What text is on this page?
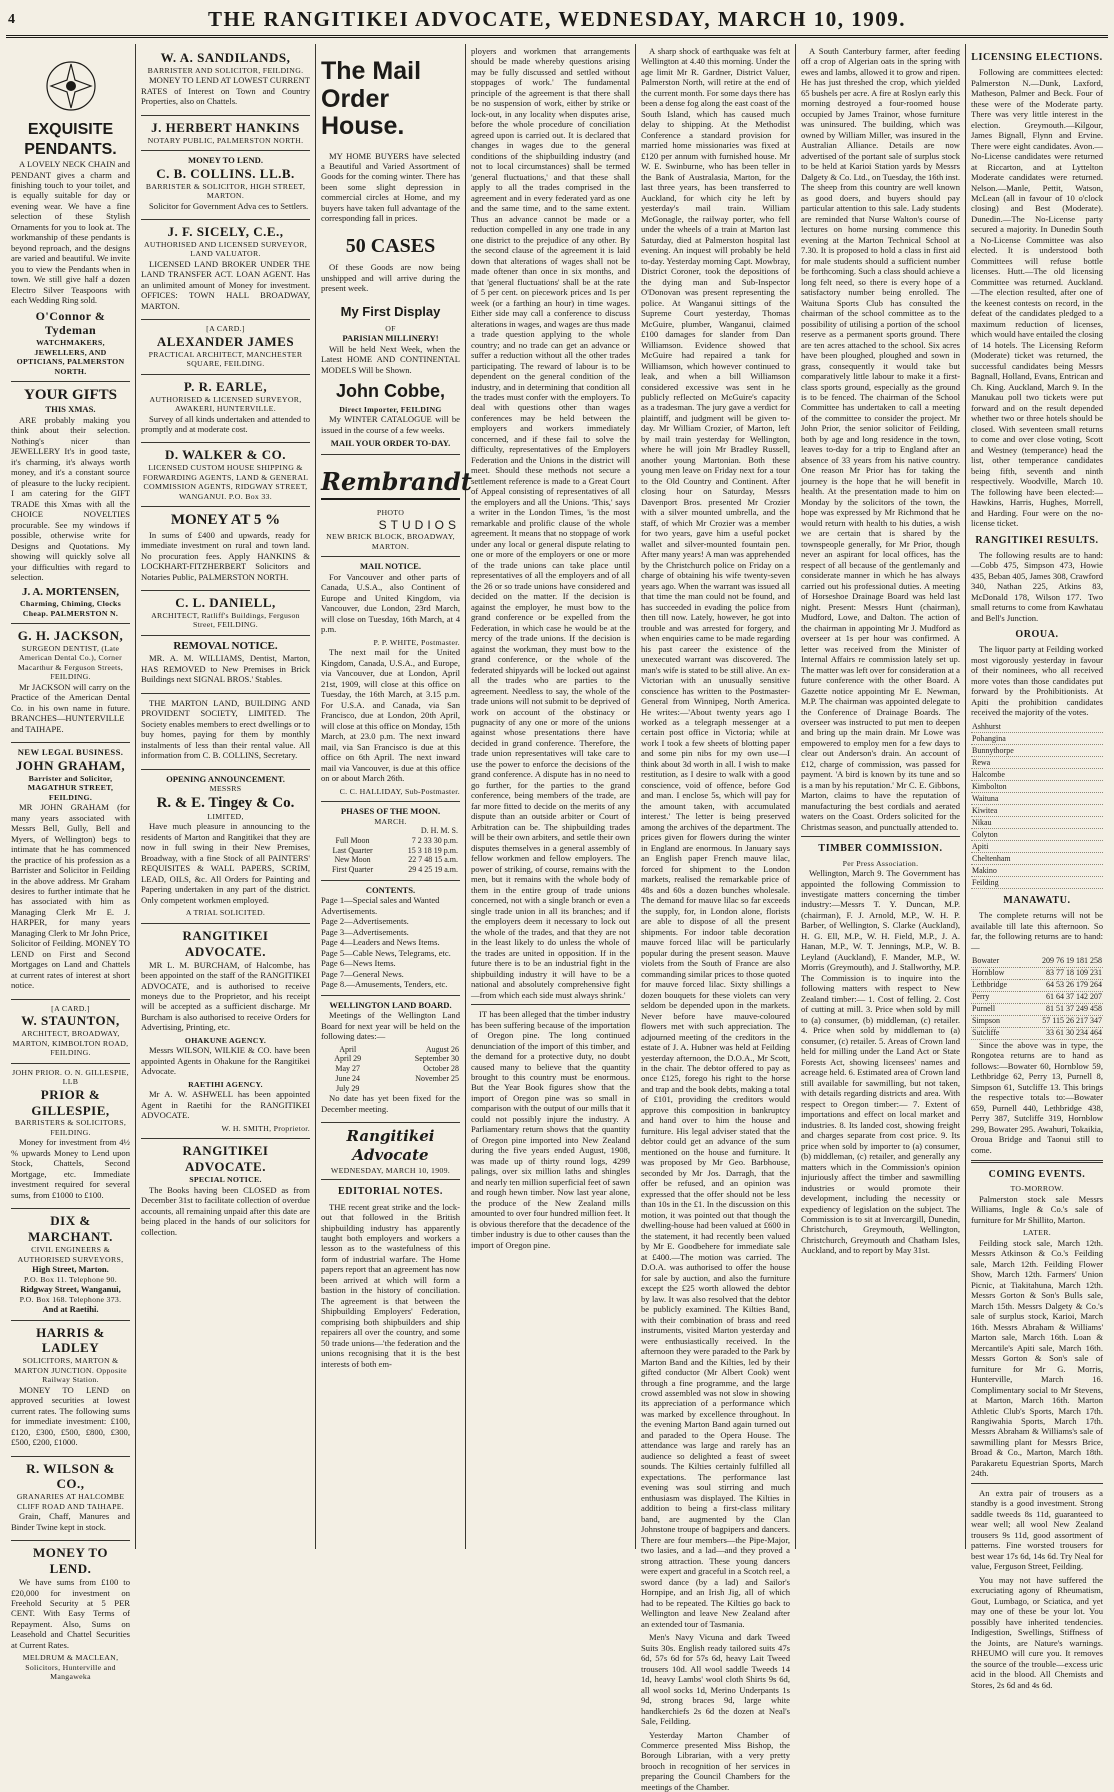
4	THE RANGITIKEI ADVOCATE, WEDNESDAY, MARCH 10, 1909.
EXQUISITE PENDANTS.

A LOVELY NECK CHAIN and PENDANT gives a charm and finishing touch to your toilet, and is equally suitable for day or evening wear. We have a fine selection of these Stylish Ornaments for you to look at. The workmanship of these pendants is beyond reproach, and the designs are varied and beautiful. We invite you to view the Pendants when in town. We still give half a dozen Electro Silver Teaspoons with each Wedding Ring sold.

O'Connor & Tydeman
WATCHMAKERS, JEWELLERS, AND OPTICIANS, PALMERSTON NORTH.
YOUR GIFTS
THIS XMAS.

ARE probably making you think about their selection. Nothing's nicer than JEWELLERY It's in good taste, it's charming, it's always worth money, and it's a constant source of pleasure to the lucky recipient. I am catering for the GIFT TRADE this Xmas with all the CHOICE NOVELTIES procurable. See my windows if possible, otherwise write for Designs and Quotations. My showing will quickly solve all your difficulties with regard to selection.

J. A. MORTENSEN,
Charming, Chiming, Clocks Cheap. PALMERSTON N.
G. H. JACKSON,
SURGEON DENTIST, (Late American Dental Co.), Corner Macarthur & Ferguson Streets, FEILDING.

Mr JACKSON will carry on the Practice of the American Dental Co. in his own name in future. BRANCHES—HUNTERVILLE and TAIHAPE.

NEW LEGAL BUSINESS.
JOHN GRAHAM,
Barrister and Solicitor, MAGATHUR STREET, FEILDING.

MR JOHN GRAHAM (for many years associated with Messrs Bell, Gully, Bell and Myers, of Wellington) begs to intimate that he has commenced the practice of his profession as a Barrister and Solicitor in Feilding in the above address. Mr Graham desires to further intimate that he has associated with him as Managing Clerk Mr E. J. HARPER, for many years Managing Clerk to Mr John Price, Solicitor of Feilding. MONEY TO LEND on First and Second Mortgages on Land and Chattels at current rates of interest at short notice.

[A CARD.]
W. STAUNTON,
ARCHITECT, BROADWAY, MARTON, KIMBOLTON ROAD, FEILDING.
JOHN PRIOR. O. N. GILLESPIE, LLB
PRIOR & GILLESPIE,
BARRISTERS & SOLICITORS, FEILDING.

Money for investment from 4½ % upwards Money to Lend upon Stock, Chattels, Second Mortgage, etc. Immediate investment required for several sums, from £1000 to £100.

DIX & MARCHANT.
CIVIL ENGINEERS & AUTHORISED SURVEYORS,
High Street, Marton.
P.O. Box 11. Telephone 90.
Ridgway Street, Wanganui,
P.O. Box 168. Telephone 373.
And at Raetihi.
HARRIS & LADLEY
SOLICITORS, MARTON & MARTON JUNCTION. Opposite Railway Station.

MONEY TO LEND on approved securities at lowest current rates. The following sums for immediate investment: £100, £120, £300, £500, £800, £300, £500, £200, £1000.

R. WILSON & CO.,
GRANARIES AT HALCOMBE CLIFF ROAD AND TAIHAPE.

Grain, Chaff, Manures and Binder Twine kept in stock.

MONEY TO LEND.

We have sums from £100 to £20,000 for investment on Freehold Security at 5 PER CENT. With Easy Terms of Repayment. Also, Sums on Leasehold and Chattel Securities at Current Rates.

MELDRUM & MACLEAN, Solicitors, Hunterville and Mangaweka
W. A. SANDILANDS,
BARRISTER AND SOLICITOR, FEILDING.

MONEY TO LEND AT LOWEST CURRENT RATES of Interest on Town and Country Properties, also on Chattels.

J. HERBERT HANKINS
NOTARY PUBLIC, PALMERSTON NORTH.
MONEY TO LEND.
C. B. COLLINS. LL.B.
BARRISTER & SOLICITOR, HIGH STREET, MARTON.

Solicitor for Government Adva ces to Settlers.

J. F. SICELY, C.E.,
AUTHORISED AND LICENSED SURVEYOR, LAND VALUATOR.

LICENSED LAND BROKER UNDER THE LAND TRANSFER ACT. LOAN AGENT. Has an unlimited amount of Money for investment. OFFICES: TOWN HALL BROADWAY, MARTON.

[A CARD.]
ALEXANDER JAMES
PRACTICAL ARCHITECT, MANCHESTER SQUARE, FEILDING.
P. R. EARLE,
AUTHORISED & LICENSED SURVEYOR, AWAKERI, HUNTERVILLE.

Survey of all kinds undertaken and attended to promptly and at moderate cost.

D. WALKER & CO.
LICENSED CUSTOM HOUSE SHIPPING & FORWARDING AGENTS, LAND & GENERAL COMMISSION AGENTS, RIDGWAY STREET, WANGANUI. P.O. Box 33.
MONEY AT 5 %

In sums of £400 and upwards, ready for immediate investment on rural and town land. No procuration fees. Apply HANKINS & LOCKHART-FITZHERBERT Solicitors and Notaries Public, PALMERSTON NORTH.

C. L. DANIELL,
ARCHITECT, Ratliff's Buildings, Ferguson Street, FEILDING.
REMOVAL NOTICE.

MR. A. M. WILLIAMS, Dentist, Marton, HAS REMOVED to New Premises in Brick Buildings next SIGNAL BROS.' Stables.

THE MARTON LAND, BUILDING AND PROVIDENT SOCIETY, LIMITED. The Society enables members to erect dwellings or to buy homes, paying for them by monthly instalments of less than their rental value. All information from C. B. COLLINS, Secretary.

OPENING ANNOUNCEMENT.
MESSRS
R. & E. Tingey & Co.
LIMITED,

Have much pleasure in announcing to the residents of Marton and Rangitikei that they are now in full swing in their New Premises, Broadway, with a fine Stock of all PAINTERS' REQUISITES & WALL PAPERS, SCRIM, LEAD, OILS, &c. All Orders for Painting and Papering undertaken in any part of the district. Only competent workmen employed.

A TRIAL SOLICITED.
RANGITIKEI ADVOCATE.

MR L. M. BURCHAM, of Halcombe, has been appointed on the staff of the RANGITIKEI ADVOCATE, and is authorised to receive moneys due to the Proprietor, and his receipt will be accepted as a sufficient discharge. Mr Burcham is also authorised to receive Orders for Advertising, Printing, etc.

OHAKUNE AGENCY.

Messrs WILSON, WILKIE & CO. have been appointed Agents in Ohakune for the Rangitikei Advocate.

RAETIHI AGENCY.

Mr A. W. ASHWELL has been appointed Agent in Raetihi for the RANGITIKEI ADVOCATE.

W. H. SMITH, Proprietor.
RANGITIKEI ADVOCATE.
SPECIAL NOTICE.

The Books having been CLOSED as from December 31st to facilitate collection of overdue accounts, all remaining unpaid after this date are being placed in the hands of our solicitors for collection.

The Mail Order House.

MY HOME BUYERS have selected a Beautiful and Varied Assortment of Goods for the coming winter. There has been some slight depression in commercial circles at Home, and my buyers have taken full advantage of the corresponding fall in prices.

50 CASES

Of these Goods are now being unshipped and will arrive during the present week.

My First Display
OF
PARISIAN MILLINERY!

Will be held Next Week, when the Latest HOME AND CONTINENTAL MODELS Will be Shown.

John Cobbe,
Direct Importer, FEILDING

My WINTER CATALOGUE will be issued in the course of a few weeks.

MAIL YOUR ORDER TO-DAY.
Rembrandt
PHOTO
STUDIOS
NEW BRICK BLOCK, BROADWAY, MARTON.
MAIL NOTICE.

For Vancouver and other parts of Canada, U.S.A., also Continent of Europe and United Kingdom, via Vancouver, due London, 23rd March, will close on Tuesday, 16th March, at 4 p.m.

P. P. WHITE, Postmaster.

The next mail for the United Kingdom, Canada, U.S.A., and Europe, via Vancouver, due at London, April 21st, 1909, will close at this office on Tuesday, the 16th March, at 3.15 p.m. For U.S.A. and Canada, via San Francisco, due at London, 20th April, will close at this office on Monday, 15th March, at 23.0 p.m. The next inward mail, via San Francisco is due at this office on 6th April. The next inward mail via Vancouver, is due at this office on or about March 26th.

C. C. HALLIDAY, Sub-Postmaster.
PHASES OF THE MOON.
MARCH.
	D. H. M. S.
Full Moon	7 2 33 30 p.m.
Last Quarter	15 3 18 19 p.m.
New Moon	22 7 48 15 a.m.
First Quarter	29 4 25 19 a.m.
CONTENTS.
Page 1—Special sales and Wanted Advertisements.
Page 2—Advertisements.
Page 3—Advertisements.
Page 4—Leaders and News Items.
Page 5—Cable News, Telegrams, etc.
Page 6—News Items.
Page 7—General News.
Page 8.—Amusements, Tenders, etc.
WELLINGTON LAND BOARD.

Meetings of the Wellington Land Board for next year will be held on the following dates:—

April	August 26
April 29	September 30
May 27	October 28
June 24	November 25
July 29	

No date has yet been fixed for the December meeting.

Rangitikei Advocate
WEDNESDAY, MARCH 10, 1909.
EDITORIAL NOTES.

THE recent great strike and the lock-out that followed in the British shipbuilding industry has apparently taught both employers and workers a lesson as to the wastefulness of this form of industrial warfare. The Home papers report that an agreement has now been arrived at which will form a bastion in the history of conciliation. The agreement is that between the Shipbuilding Employers' Federation, comprising both shipbuilders and ship repairers all over the country, and some 50 trade unions—'the federation and the unions recognising that it is the best interests of both em-

ployers and workmen that arrangements should be made whereby questions arising may be fully discussed and settled without stoppages of work.' The fundamental principle of the agreement is that there shall be no suspension of work, either by strike or lock-out, in any locality when disputes arise, before the whole procedure of conciliation agreed upon is carried out. It is declared that changes in wages due to the general conditions of the shipbuilding industry (and not to local circumstances) shall be termed 'general fluctuations,' and that these shall apply to all the trades comprised in the agreement and in every federated yard as one and the same time, and to the same extent. Thus an advance cannot be made or a reduction compelled in any one trade in any one district to the prejudice of any other. By the second clause of the agreement it is laid down that alterations of wages shall not be made oftener than once in six months, and that 'general fluctuations' shall be at the rate of 5 per cent. on piecework prices and 1s per week (or a farthing an hour) in time wages. Either side may call a conference to discuss alterations in wages, and wages are thus made a trade question applying to the whole country; and no trade can get an advance or suffer a reduction without all the other trades participating. The reward of labour is to be dependent on the general condition of the industry, and in determining that condition all the trades must confer with the employers. To deal with questions other than wages conferences may be held between the employers and workers immediately concerned, and if these fail to solve the difficulty, representatives of the Employers Federation and the Unions in the district will meet. Should these methods not secure a settlement reference is made to a Great Court of Appeal consisting of representatives of all the employers and all the Unions. 'This,' says a writer in the London Times, 'is the most remarkable and prolific clause of the whole agreement. It means that no stoppage of work under any local or general dispute relating to one or more of the employers or one or more of the trade unions can take place until representatives of all the employers and of all the 26 or so trade unions have considered and decided on the matter. If the decision is against the employer, he must bow to the grand conference or be expelled from the Federation, in which case he would be at the mercy of the trade unions. If the decision is against the workman, they must bow to the grand conference, or the whole of the federated shipyards will be locked out against all the trades who are parties to the agreement. Needless to say, the whole of the trade unions will not submit to be deprived of work on account of the obstinacy or pugnacity of any one or more of the unions against whose presentations there have decided in grand conference. Therefore, the trade union representatives will take care to use the power to enforce the decisions of the grand conference. A dispute has in no need to go further, for the parties to the grand conference, being members of the trade, are far more fitted to decide on the merits of any dispute than an outside arbiter or Court of Arbitration can be. The shipbuilding trades will be their own arbiters, and settle their own disputes themselves in a general assembly of fellow workmen and fellow employers. The power of striking, of course, remains with the men, but it remains with the whole body of them in the entire group of trade unions concerned, not with a single branch or even a single trade union in all its branches; and if the employers deem it necessary to lock out the whole of the trades, and that they are not in the least likely to do unless the whole of the trades are united in opposition. If in the future there is to be an industrial fight in the shipbuilding industry it will have to be a national and absolutely comprehensive fight—from which each side must always shrink.'

IT has been alleged that the timber industry has been suffering because of the importation of Oregon pine. The long continued denunciation of the import of this timber, and the demand for a protective duty, no doubt caused many to believe that the quantity brought to this country must be enormous. But the Year Book figures show that the import of Oregon pine was so small in comparison with the output of our mills that it could not possibly injure the industry. A Parliamentary return shows that the quantity of Oregon pine imported into New Zealand during the five years ended August, 1908, was made up of thirty round logs, 4299 palings, over six million laths and shingles and nearly ten million superficial feet of sawn and rough hewn timber. Now last year alone, the produce of the New Zealand mills amounted to over four hundred million feet. It is obvious therefore that the decadence of the timber industry is due to other causes than the import of Oregon pine.

A sharp shock of earthquake was felt at Wellington at 4.40 this morning. Under the age limit Mr R. Gardner, District Valuer, Palmerston North, will retire at the end of the current month. For some days there has been a dense fog along the east coast of the South Island, which has caused much delay to shipping. At the Methodist Conference a standard provision for married home missionaries was fixed at £120 per annum with furnished house. Mr W. E. Swinburne, who has been teller in the Bank of Australasia, Marton, for the last three years, has been transferred to Auckland, for which city he left by yesterday's mail train. William McGonagle, the railway porter, who fell under the wheels of a train at Marton last Saturday, died at Palmerston hospital last evening. An inquest will probably be held to-day. Yesterday morning Capt. Mowbray, District Coroner, took the depositions of the dying man and Sub-Inspector O'Donovan was present representing the police. At Wanganui sittings of the Supreme Court yesterday, Thomas McGuire, plumber, Wanganui, claimed £100 damages for slander from Dan Williamson. Evidence showed that McGuire had repaired a tank for Williamson, which however continued to leak, and when a bill Williamson considered excessive was sent in he publicly reflected on McGuire's capacity as a tradesman. The jury gave a verdict for plaintiff, and judgment will be given to-day. Mr William Crozier, of Marton, left by mail train yesterday for Wellington, where he will join Mr Bradley Russell, another young Martonian. Both these young men leave on Friday next for a tour to the Old Country and Continent. After closing hour on Saturday, Messrs Davenport Bros. presented Mr Crozier with a silver mounted umbrella, and the staff, of which Mr Crozier was a member for two years, gave him a useful pocket wallet and silver-mounted fountain pen. After many years! A man was apprehended by the Christchurch police on Friday on a charge of obtaining his wife twenty-seven years ago. When the warrant was issued all that time the man could not be found, and has succeeded in evading the police from then till now. Lately, however, he got into trouble and was arrested for forgery, and when enquiries came to be made regarding his past career the existence of the unexecuted warrant was discovered. The man's wife is stated to be still alive. An ex-Victorian with an unusually sensitive conscience has written to the Postmaster-General from Winnipeg, North America. He writes:—'About twenty years ago I worked as a telegraph messenger at a certain post office in Victoria; while at work I took a few sheets of blotting paper and some pin nibs for my own use—I think about 3d worth in all. I wish to make restitution, as I desire to walk with a good conscience, void of offence, before God and man. I enclose 5s, which will pay for the amount taken, with accumulated interest.' The letter is being preserved among the archives of the department. The prices given for flowers during the winter in England are enormous. In January says an English paper French mauve lilac, forced for shipment to the London markets, realised the remarkable price of 48s and 60s a dozen bunches wholesale. The demand for mauve lilac so far exceeds the supply, for, in London alone, florists are able to dispose of all the present shipments. For indoor table decoration mauve forced lilac will be particularly popular during the present season. Mauve violets from the South of France are also commanding similar prices to those quoted for mauve forced lilac. Sixty shillings a dozen bouquets for these violets can very seldom be depended upon in the markets. Never before have mauve-coloured flowers met with such appreciation. The adjourned meeting of the creditors in the estate of J. A. Hubner was held at Feilding yesterday afternoon, the D.O.A., Mr Scott, in the chair. The debtor offered to pay as once £125, forego his right to the horse and trap and the book debts, making a total of £101, providing the creditors would approve this composition in bankruptcy and hand over to him the house and furniture. His legal adviser stated that the debtor could get an advance of the sum mentioned on the house and furniture. It was proposed by Mr Geo. Barbhouse, seconded by Mr Jos. Darragh, that the offer be refused, and an opinion was expressed that the offer should not be less than 10s in the £1. In the discussion on this motion, it was pointed out that though the dwelling-house had been valued at £600 in the statement, it had recently been valued by Mr E. Goodbehere for immediate sale at £400.—The motion was carried. The D.O.A. was authorised to offer the house for sale by auction, and also the furniture except the £25 worth allowed the debtor by law. It was also resolved that the debtor be publicly examined. The Kilties Band, with their combination of brass and reed instruments, visited Marton yesterday and were enthusiastically received. In the afternoon they were paraded to the Park by Marton Band and the Kilties, led by their gifted conductor (Mr Albert Cook) went through a fine programme, and the large crowd assembled was not slow in showing its appreciation of a performance which was marked by excellence throughout. In the evening Marton Band again turned out and paraded to the Opera House. The attendance was large and rarely has an audience so delighted a feast of sweet sounds. The Kilties certainly fulfilled all expectations. The performance last evening was soul stirring and much enthusiasm was displayed. The Kilties in addition to being a first-class military band, are augmented by the Clan Johnstone troupe of bagpipers and dancers. There are four members—the Pipe-Major, two lasies, and a lad—and they proved a strong attraction. These young dancers were expert and graceful in a Scotch reel, a sword dance (by a lad) and Sailor's Hornpipe, and an Irish Jig, all of which had to be repeated. The Kilties go back to Wellington and leave New Zealand after an extended tour of Tasmania.

Men's Navy Vicuna and dark Tweed Suits 30s. English ready tailored suits 47s 6d, 57s 6d for 57s 6d, heavy Lait Tweed trousers 10d. All wool saddle Tweeds 14 1d, heavy Lambs' wool cloth Shirts 9s 6d, all wool socks 1d, Merino Underpants 1s 9d, strong braces 9d, large white handkerchiefs 2s 6d the dozen at Neal's Sale, Feilding.

Yesterday Marton Chamber of Commerce presented Miss Bishop, the Borough Librarian, with a very pretty brooch in recognition of her services in preparing the Council Chambers for the meetings of the Chamber.

A South Canterbury farmer, after feeding off a crop of Algerian oats in the spring with ewes and lambs, allowed it to grow and ripen. He has just threshed the crop, which yielded 65 bushels per acre. A fire at Roslyn early this morning destroyed a four-roomed house occupied by James Trainor, whose furniture was uninsured. The building, which was owned by William Miller, was insured in the Australian Alliance. Details are now advertised of the portant sale of surplus stock to be held at Karioi Station yards by Messrs Dalgety & Co. Ltd., on Tuesday, the 16th inst. The sheep from this country are well known as good doers, and buyers should pay particular attention to this sale. Lady students are reminded that Nurse Walton's course of lectures on home nursing commence this evening at the Marton Technical School at 7.30. It is proposed to hold a class in first aid for male students should a sufficient number be forthcoming. Such a class should achieve a long felt need, so there is every hope of a satisfactory number being enrolled. The Waituna Sports Club has consulted the chairman of the school committee as to the possibility of utilising a portion of the school reserve as a permanent sports ground. There are ten acres attached to the school. Six acres have been ploughed, ploughed and sown in grass, consequently it would take but comparatively little labour to make it a first-class sports ground, especially as the ground is to be fenced. The chairman of the School Committee has undertaken to call a meeting of the committee to consider the project. Mr John Prior, the senior solicitor of Feilding, both by age and long residence in the town, leaves to-day for a trip to England after an absence of 33 years from his native country. One reason Mr Prior has for taking the journey is the hope that he will benefit in health. At the presentation made to him on Monday by the solicitors of the town, the hope was expressed by Mr Richmond that he would return with health to his duties, a wish we are certain that is shared by the townspeople generally, for Mr Prior, though never an aspirant for local offices, has the respect of all because of the gentlemanly and considerate manner in which he has always carried out his professional duties. A meeting of Horseshoe Drainage Board was held last night. Present: Messrs Hunt (chairman), Mudford, Lowe, and Dalton. The action of the chairman in appointing Mr J. Mudford as overseer at 1s per hour was confirmed. A letter was received from the Minister of Internal Affairs re commission lately set up. The matter was left over for consideration at a future conference with the other Board. A Gazette notice appointing Mr E. Newman, M.P. The chairman was appointed delegate to the Conference of Drainage Boards. The overseer was instructed to put men to deepen and bring up the main drain. Mr Lowe was empowered to employ men for a few days to clear out Anderson's drain. An account of £12, charge of commission, was passed for payment. 'A bird is known by its tune and so is a man by his reputation.' Mr C. E. Gibbons, Marton, claims to have the reputation of manufacturing the best cordials and aerated waters on the Coast. Orders solicited for the Christmas season, and punctually attended to.

TIMBER COMMISSION.
Per Press Association.

Wellington, March 9. The Government has appointed the following Commission to investigate matters concerning the timber industry:—Messrs T. Y. Duncan, M.P. (chairman), F. J. Arnold, M.P., W. H. P. Barber, of Wellington, S. Clarke (Auckland), H. G. Ell, M.P., W. H. Field, M.P., J. A. Hanan, M.P., W. T. Jennings, M.P., W. B. Leyland (Auckland), F. Mander, M.P., W. Morris (Greymouth), and J. Stallworthy, M.P. The Commission is to inquire into the following matters with respect to New Zealand timber:— 1. Cost of felling. 2. Cost of cutting at mill. 3. Price when sold by mill to (a) consumer, (b) middleman, (c) retailer. 4. Price when sold by middleman to (a) consumer, (c) retailer. 5. Areas of Crown land held for milling under the Land Act or State Forests Act, showing licensees' names and acreage held. 6. Estimated area of Crown land still available for sawmilling, but not taken, with details regarding districts and area. With respect to Oregon timber:— 7. Extent of importations and effect on local market and industries. 8. Its landed cost, showing freight and charges separate from cost price. 9. Its price when sold by importer to (a) consumer, (b) middleman, (c) retailer, and generally any matters which in the Commission's opinion injuriously affect the timber and sawmilling industries or would promote their development, including the necessity or expediency of legislation on the subject. The Commission is to sit at Invercargill, Dunedin, Christchurch, Greymouth, Wellington, Christchurch, Greymouth and Chatham Isles, Auckland, and to report by May 31st.

LICENSING ELECTIONS.

Following are committees elected: Palmerston N.—Dunk, Laxford, Matheson, Palmer and Beck. Four of these were of the Moderate party. There was very little interest in the election. Greymouth.—Kilgour, James Bignall, Flynn and Ervine. There were eight candidates. Avon.—No-License candidates were returned at Riccarton, and at Lyttelton Moderate candidates were returned. Nelson.—Manle, Pettit, Watson, McLean (all in favour of 10 o'clock closing) and Best (Moderate). Dunedin.—The No-License party secured a majority. In Dunedin South a No-License Committee was also elected. It is understood both Committees will refuse bottle licenses. Hutt.—The old licensing Committee was returned. Auckland.—The election resulted, after one of the keenest contests on record, in the defeat of the candidates pledged to a maximum reduction of licenses, which would have entailed the closing of 14 hotels. The Licensing Reform (Moderate) ticket was returned, the successful candidates being Messrs Bagnall, Holland, Evans, Entrican and Ch. King. Auckland, March 9. In the Manukau poll two tickets were put forward and on the result depended whether two or three hotels should be closed. With seventeen small returns to come and over close voting, Scott and Westney (temperance) head the list, other temperance candidates being fifth, seventh and ninth respectively. Woodville, March 10. The following have been elected:—Hawkins, Harris, Hughes, Morrell, and Harding. Four were on the no-license ticket.

RANGITIKEI RESULTS.

The following results are to hand:—Cobb 475, Simpson 473, Howie 435, Beban 405, James 308, Crawford 340, Nathan 225, Atkins 83, McDonald 178, Wilson 177. Two small returns to come from Kawhatau and Bell's Junction.

OROUA.

The liquor party at Feilding worked most vigorously yesterday in favour of their nominees, who all received more votes than those candidates put forward by the Prohibitionists. At Apiti the prohibition candidates received the majority of the votes.

Ashhurst
Pohangina
Bunnythorpe
Rewa
Halcombe
Kimbolton
Waituna
Kiwitea
Nikau
Colyton
Apiti
Cheltenham
Makino
Feilding
MANAWATU.

The complete returns will not be available till late this afternoon. So far, the following returns are to hand:—

Bowater	209 76 19 181 258
Hornblow	83 77 18 109 231
Lethbridge	64 53 26 179 264
Perry	61 64 37 142 207
Purnell	81 51 37 249 458
Simpson	57 115 26 217 347
Sutcliffe	33 61 30 234 464

Since the above was in type, the Rongotea returns are to hand as follows:—Bowater 60, Hornblow 59, Lethbridge 62, Perry 13, Purnell 8, Simpson 61, Sutcliffe 13. This brings the respective totals to:—Bowater 659, Purnell 440, Lethbridge 438, Perry 387, Sutcliffe 319, Hornblow 299, Bowater 295. Awahuri, Tokaikia, Oroua Bridge and Taonui still to come.

COMING EVENTS.
TO-MORROW.

Palmerston stock sale Messrs Williams, Ingle & Co.'s sale of furniture for Mr Shillito, Marton.

LATER.

Feilding stock sale, March 12th. Messrs Atkinson & Co.'s Feilding sale, March 12th. Feilding Flower Show, March 12th. Farmers' Union Picnic, at Tiakitahuna, March 12th. Messrs Gorton & Son's Bulls sale, March 15th. Messrs Dalgety & Co.'s sale of surplus stock, Karioi, March 16th. Messrs Abraham & Williams' Marton sale, March 16th. Loan & Mercantile's Apiti sale, March 16th. Messrs Gorton & Son's sale of furniture for Mr G. Morris, Hunterville, March 16. Complimentary social to Mr Stevens, at Marton, March 16th. Marton Athletic Club's Sports, March 17th. Rangiwahia Sports, March 17th. Messrs Abraham & Williams's sale of sawmilling plant for Messrs Brice, Broad & Co., Marton, March 18th. Parakaretu Equestrian Sports, March 24th.

An extra pair of trousers as a standby is a good investment. Strong saddle tweeds 8s 11d, guaranteed to wear well; all wool New Zealand trousers 9s 11d, good assortment of patterns. Fine worsted trousers for best wear 17s 6d, 14s 6d. Try Neal for value, Ferguson Street, Feilding.

You may not have suffered the excruciating agony of Rheumatism, Gout, Lumbago, or Sciatica, and yet may one of these be your lot. You possibly have inherited tendencies. Indigestion, Swellings, Stiffness of the Joints, are Nature's warnings. RHEUMO will cure you. It removes the source of the trouble—excess uric acid in the blood. All Chemists and Stores, 2s 6d and 4s 6d.
